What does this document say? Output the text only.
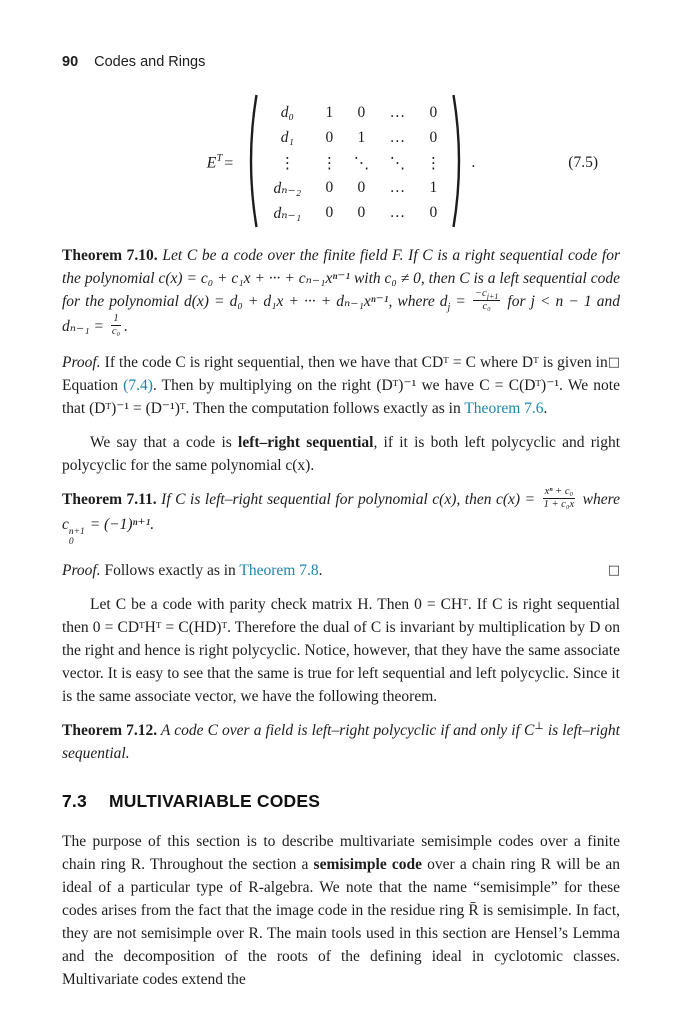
90 Codes and Rings
$E^T$ =
d₀	1	0	…	0
d₁	0	1	…	0
⋮	⋮	⋱	⋱	⋮
dₙ₋₂	0	0	…	1
dₙ₋₁	0	0	…	0
.	(7.5)

Theorem 7.10. Let C be a code over the finite field F. If C is a right sequential code for the polynomial c(x) = c₀ + c₁x + ··· + cₙ₋₁xⁿ⁻¹ with c₀ ≠ 0, then C is a left sequential code for the polynomial d(x) = d₀ + d₁x + ··· + dₙ₋₁xⁿ⁻¹, where $d_j = \frac{-c_{j+1}}{\text{c₀}}$ for j < n − 1 and $d_{n-1} = \frac{1}{\text{c₀}}$ .

□
Proof. If the code C is right sequential, then we have that CDᵀ = C where Dᵀ is given in Equation (7.4). Then by multiplying on the right (Dᵀ)⁻¹ we have C = C(Dᵀ)⁻¹. We note that (Dᵀ)⁻¹ = (D⁻¹)ᵀ. Then the computation follows exactly as in Theorem 7.6.

We say that a code is left–right sequential, if it is both left polycyclic and right polycyclic for the same polynomial c(x).

Theorem 7.11. If C is left–right sequential for polynomial c(x), then $c(x) = \frac{\text{xⁿ + c₀}}{\text{1 + c₀x}}$ where c n+1
0
= (−1)ⁿ⁺¹.

□
Proof. Follows exactly as in Theorem 7.8.

Let C be a code with parity check matrix H. Then 0 = CHᵀ. If C is right sequential then 0 = CDᵀHᵀ = C(HD)ᵀ. Therefore the dual of C is invariant by multiplication by D on the right and hence is right polycyclic. Notice, however, that they have the same associate vector. It is easy to see that the same is true for left sequential and left polycyclic. Since it is the same associate vector, we have the following theorem.

Theorem 7.12. A code C over a field is left–right polycyclic if and only if C⊥ is left–right sequential.

7.3 MULTIVARIABLE CODES

The purpose of this section is to describe multivariate semisimple codes over a finite chain ring R. Throughout the section a semisimple code over a chain ring R will be an ideal of a particular type of R-algebra. We note that the name “semisimple” for these codes arises from the fact that the image code in the residue ring R̄ is semisimple. In fact, they are not semisimple over R. The main tools used in this section are Hensel’s Lemma and the decomposition of the roots of the defining ideal in cyclotomic classes. Multivariate codes extend the
